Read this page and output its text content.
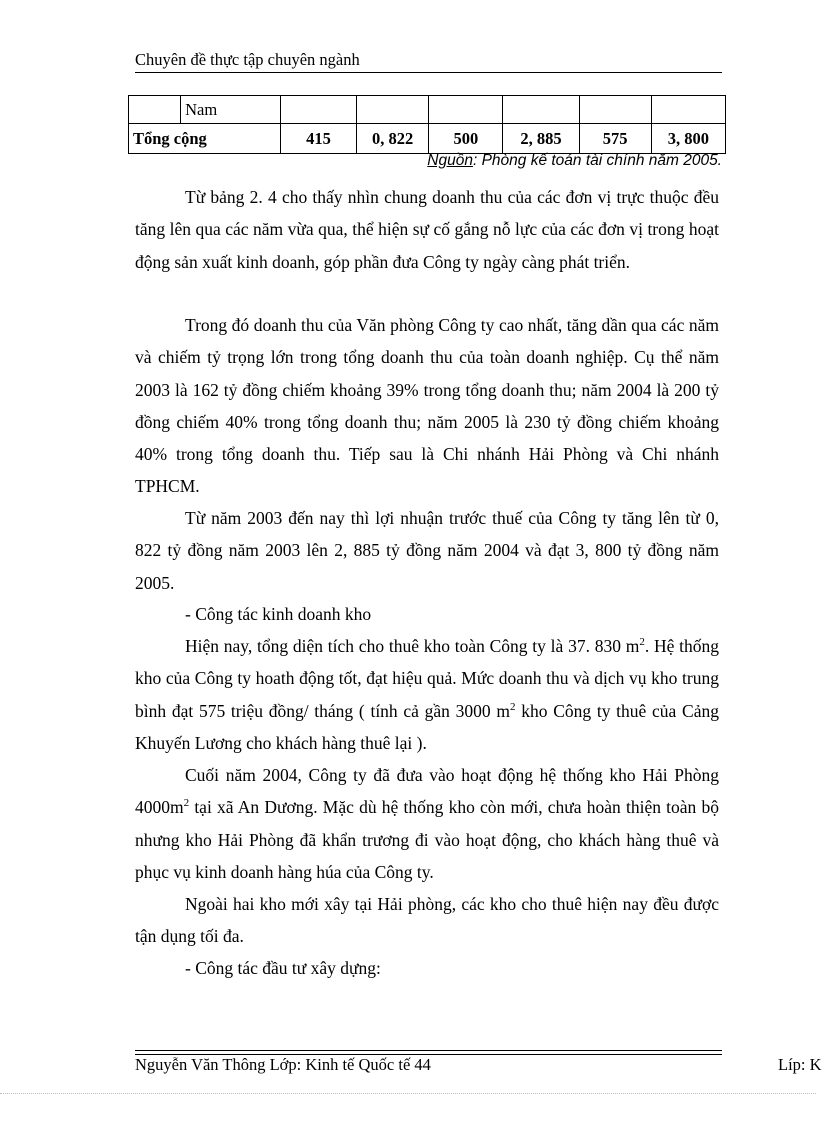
Chuyên đề thực tập chuyên ngành
	Nam						
Tổng cộng		415	0, 822	500	2, 885	575	3, 800
Nguồn: Phòng kế toán tài chính năm 2005.

Từ bảng 2. 4 cho thấy nhìn chung doanh thu của các đơn vị trực thuộc đều tăng lên qua các năm vừa qua, thể hiện sự cố gắng nỗ lực của các đơn vị trong hoạt động sản xuất kinh doanh, góp phần đưa Công ty ngày càng phát triển.

Trong đó doanh thu của Văn phòng Công ty cao nhất, tăng dần qua các năm và chiếm tỷ trọng lớn trong tổng doanh thu của toàn doanh nghiệp. Cụ thể năm 2003 là 162 tỷ đồng chiếm khoảng 39% trong tổng doanh thu; năm 2004 là 200 tỷ đồng chiếm 40% trong tổng doanh thu; năm 2005 là 230 tỷ đồng chiếm khoảng 40% trong tổng doanh thu. Tiếp sau là Chi nhánh Hải Phòng và Chi nhánh TPHCM.

Từ năm 2003 đến nay thì lợi nhuận trước thuế của Công ty tăng lên từ 0, 822 tỷ đồng năm 2003 lên 2, 885 tỷ đồng năm 2004 và đạt 3, 800 tỷ đồng năm 2005.

- Công tác kinh doanh kho

Hiện nay, tổng diện tích cho thuê kho toàn Công ty là 37. 830 $m^2$. Hệ thống kho của Công ty hoath động tốt, đạt hiệu quả. Mức doanh thu và dịch vụ kho trung bình đạt 575 triệu đồng/ tháng ( tính cả gần 3000 $m^2$ kho Công ty thuê của Cảng Khuyến Lương cho khách hàng thuê lại ).

Cuối năm 2004, Công ty đã đưa vào hoạt động hệ thống kho Hải Phòng $4000m^2$ tại xã An Dương. Mặc dù hệ thống kho còn mới, chưa hoàn thiện toàn bộ nhưng kho Hải Phòng đã khẩn trương đi vào hoạt động, cho khách hàng thuê và phục vụ kinh doanh hàng húa của Công ty.

Ngoài hai kho mới xây tại Hải phòng, các kho cho thuê hiện nay đều được tận dụng tối đa.

- Công tác đầu tư xây dựng:

Nguyễn Văn Thông Lớp: Kinh tế Quốc tế 44	Líp: K
